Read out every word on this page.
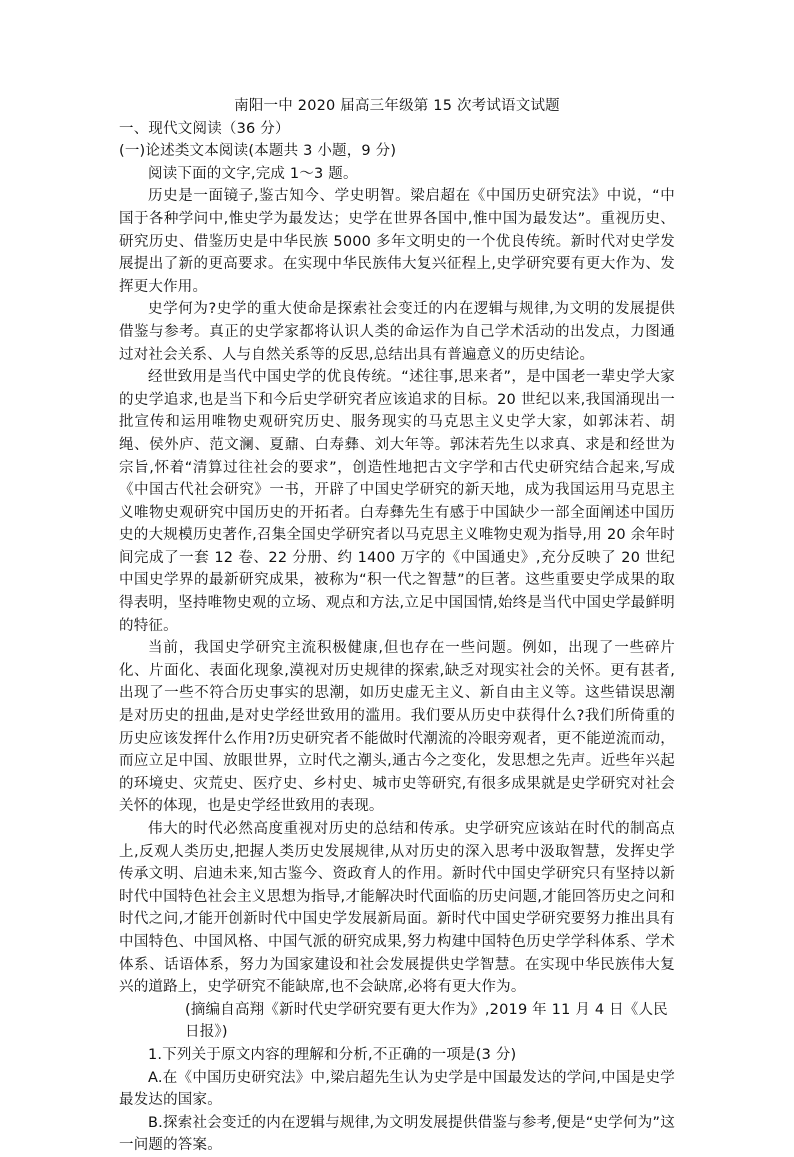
南阳一中 2020 届高三年级第 15 次考试语文试题
一、现代文阅读（36 分）
(一)论述类文本阅读(本题共 3 小题，9 分)
阅读下面的文字,完成 1～3 题。

历史是一面镜子,鉴古知今、学史明智。梁启超在《中国历史研究法》中说，“中国于各种学问中,惟史学为最发达；史学在世界各国中,惟中国为最发达”。重视历史、研究历史、借鉴历史是中华民族 5000 多年文明史的一个优良传统。新时代对史学发展提出了新的更高要求。在实现中华民族伟大复兴征程上,史学研究要有更大作为、发挥更大作用。

史学何为?史学的重大使命是探索社会变迁的内在逻辑与规律,为文明的发展提供借鉴与参考。真正的史学家都将认识人类的命运作为自己学术活动的出发点，力图通过对社会关系、人与自然关系等的反思,总结出具有普遍意义的历史结论。

经世致用是当代中国史学的优良传统。“述往事,思来者”，是中国老一辈史学大家的史学追求,也是当下和今后史学研究者应该追求的目标。20 世纪以来,我国涌现出一批宣传和运用唯物史观研究历史、服务现实的马克思主义史学大家，如郭沫若、胡绳、侯外庐、范文澜、夏鼐、白寿彝、刘大年等。郭沫若先生以求真、求是和经世为宗旨,怀着“清算过往社会的要求”，创造性地把古文字学和古代史研究结合起来,写成《中国古代社会研究》一书，开辟了中国史学研究的新天地，成为我国运用马克思主义唯物史观研究中国历史的开拓者。白寿彝先生有感于中国缺少一部全面阐述中国历史的大规模历史著作,召集全国史学研究者以马克思主义唯物史观为指导,用 20 余年时间完成了一套 12 卷、22 分册、约 1400 万字的《中国通史》,充分反映了 20 世纪中国史学界的最新研究成果，被称为“积一代之智慧”的巨著。这些重要史学成果的取得表明，坚持唯物史观的立场、观点和方法,立足中国国情,始终是当代中国史学最鲜明的特征。

当前，我国史学研究主流积极健康,但也存在一些问题。例如，出现了一些碎片化、片面化、表面化现象,漠视对历史规律的探索,缺乏对现实社会的关怀。更有甚者,出现了一些不符合历史事实的思潮，如历史虚无主义、新自由主义等。这些错误思潮是对历史的扭曲,是对史学经世致用的滥用。我们要从历史中获得什么?我们所倚重的历史应该发挥什么作用?历史研究者不能做时代潮流的冷眼旁观者，更不能逆流而动，而应立足中国、放眼世界，立时代之潮头,通古今之变化，发思想之先声。近些年兴起的环境史、灾荒史、医疗史、乡村史、城市史等研究,有很多成果就是史学研究对社会关怀的体现，也是史学经世致用的表现。

伟大的时代必然高度重视对历史的总结和传承。史学研究应该站在时代的制高点上,反观人类历史,把握人类历史发展规律,从对历史的深入思考中汲取智慧，发挥史学传承文明、启迪未来,知古鉴今、资政育人的作用。新时代中国史学研究只有坚持以新时代中国特色社会主义思想为指导,才能解决时代面临的历史问题,才能回答历史之问和时代之问,才能开创新时代中国史学发展新局面。新时代中国史学研究要努力推出具有中国特色、中国风格、中国气派的研究成果,努力构建中国特色历史学学科体系、学术体系、话语体系，努力为国家建设和社会发展提供史学智慧。在实现中华民族伟大复兴的道路上，史学研究不能缺席,也不会缺席,必将有更大作为。

(摘编自高翔《新时代史学研究要有更大作为》,2019 年 11 月 4 日《人民日报》)
1.下列关于原文内容的理解和分析,不正确的一项是(3 分)
A.在《中国历史研究法》中,梁启超先生认为史学是中国最发达的学问,中国是史学最发达的国家。
B.探索社会变迁的内在逻辑与规律,为文明发展提供借鉴与参考,便是“史学何为”这一问题的答案。
